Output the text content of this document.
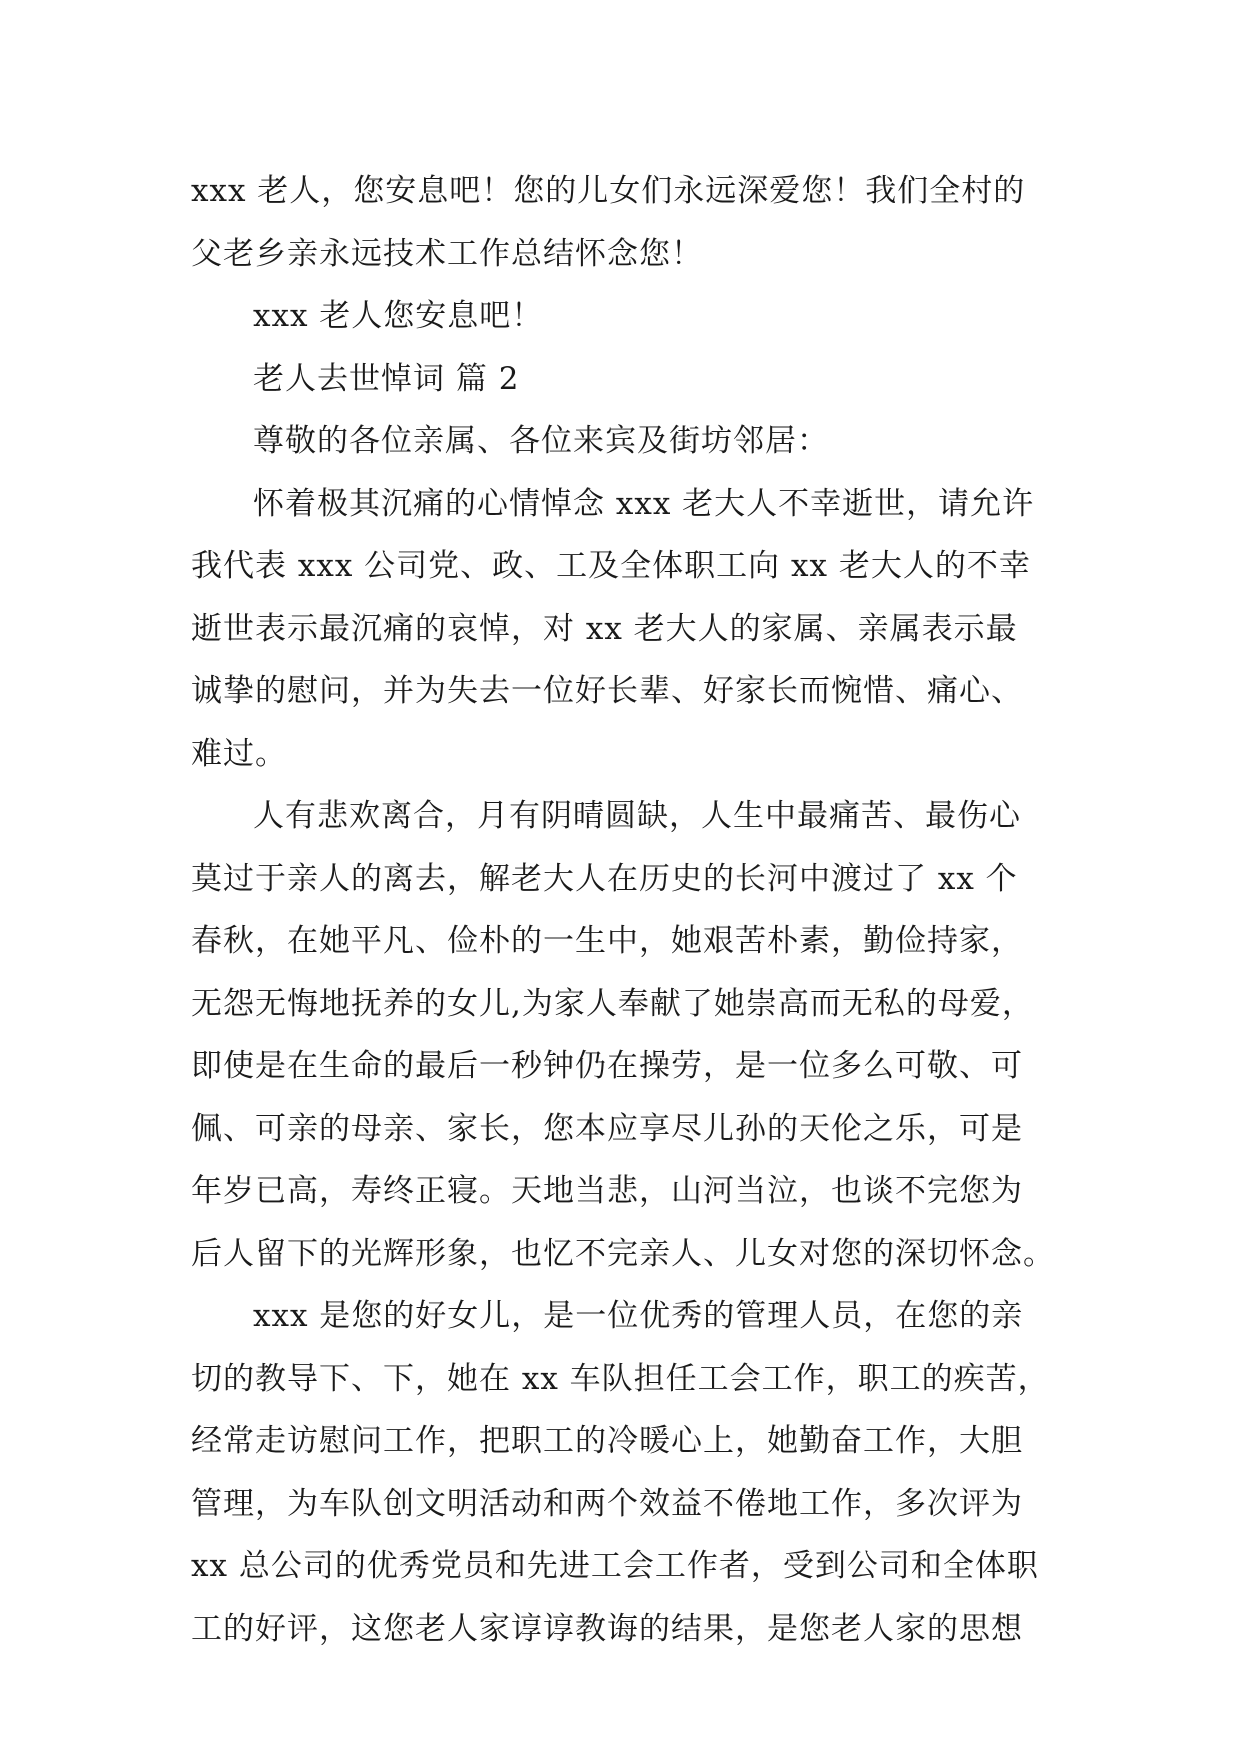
xxx 老人，您安息吧！您的儿女们永远深爱您！我们全村的
父老乡亲永远技术工作总结怀念您！
xxx 老人您安息吧！
老人去世悼词 篇 2
尊敬的各位亲属、各位来宾及街坊邻居：
怀着极其沉痛的心情悼念 xxx 老大人不幸逝世，请允许
我代表 xxx 公司党、政、工及全体职工向 xx 老大人的不幸
逝世表示最沉痛的哀悼，对 xx 老大人的家属、亲属表示最
诚挚的慰问，并为失去一位好长辈、好家长而惋惜、痛心、
难过。
人有悲欢离合，月有阴晴圆缺，人生中最痛苦、最伤心
莫过于亲人的离去，解老大人在历史的长河中渡过了 xx 个
春秋，在她平凡、俭朴的一生中，她艰苦朴素，勤俭持家，
无怨无悔地抚养的女儿,为家人奉献了她崇高而无私的母爱，
即使是在生命的最后一秒钟仍在操劳，是一位多么可敬、可
佩、可亲的母亲、家长，您本应享尽儿孙的天伦之乐，可是
年岁已高，寿终正寝。天地当悲，山河当泣，也谈不完您为
后人留下的光辉形象，也忆不完亲人、儿女对您的深切怀念。
xxx 是您的好女儿，是一位优秀的管理人员，在您的亲
切的教导下、下，她在 xx 车队担任工会工作，职工的疾苦，
经常走访慰问工作，把职工的冷暖心上，她勤奋工作，大胆
管理，为车队创文明活动和两个效益不倦地工作，多次评为
xx 总公司的优秀党员和先进工会工作者，受到公司和全体职
工的好评，这您老人家谆谆教诲的结果，是您老人家的思想
